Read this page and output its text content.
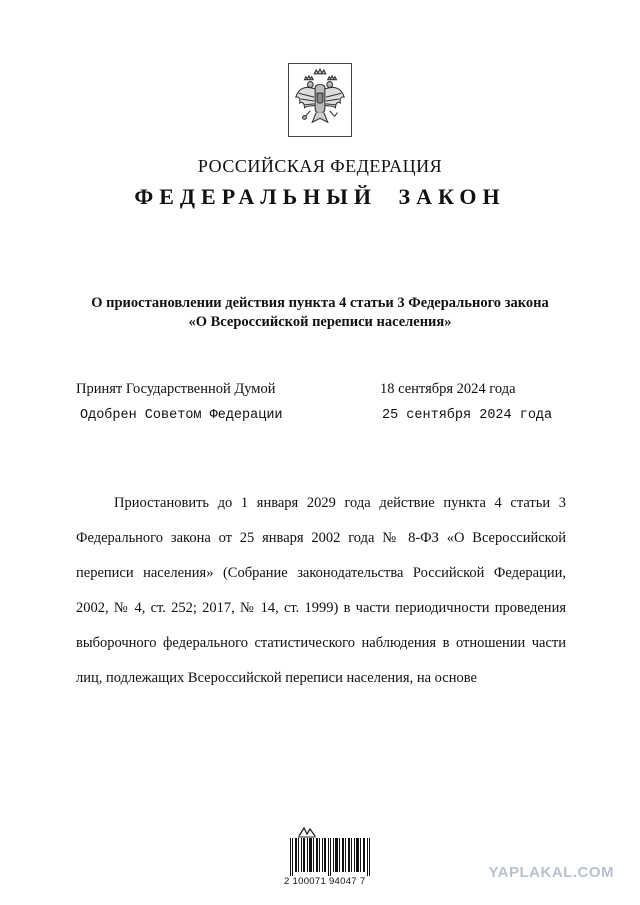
РОССИЙСКАЯ ФЕДЕРАЦИЯ
ФЕДЕРАЛЬНЫЙ ЗАКОН
О приостановлении действия пункта 4 статьи 3 Федерального закона
«О Всероссийской переписи населения»
Принят Государственной Думой	18 сентября 2024 года
Одобрен Советом Федерации	25 сентября 2024 года
Приостановить до 1 января 2029 года действие пункта 4 статьи 3 Федерального закона от 25 января 2002 года № 8-ФЗ «О Всероссийской переписи населения» (Собрание законодательства Российской Федерации, 2002, № 4, ст. 252; 2017, № 14, ст. 1999) в части периодичности проведения выборочного федерального статистического наблюдения в отношении части лиц, подлежащих Всероссийской переписи населения, на основе
2 100071 94047 7
YAPLAKAL.COM
